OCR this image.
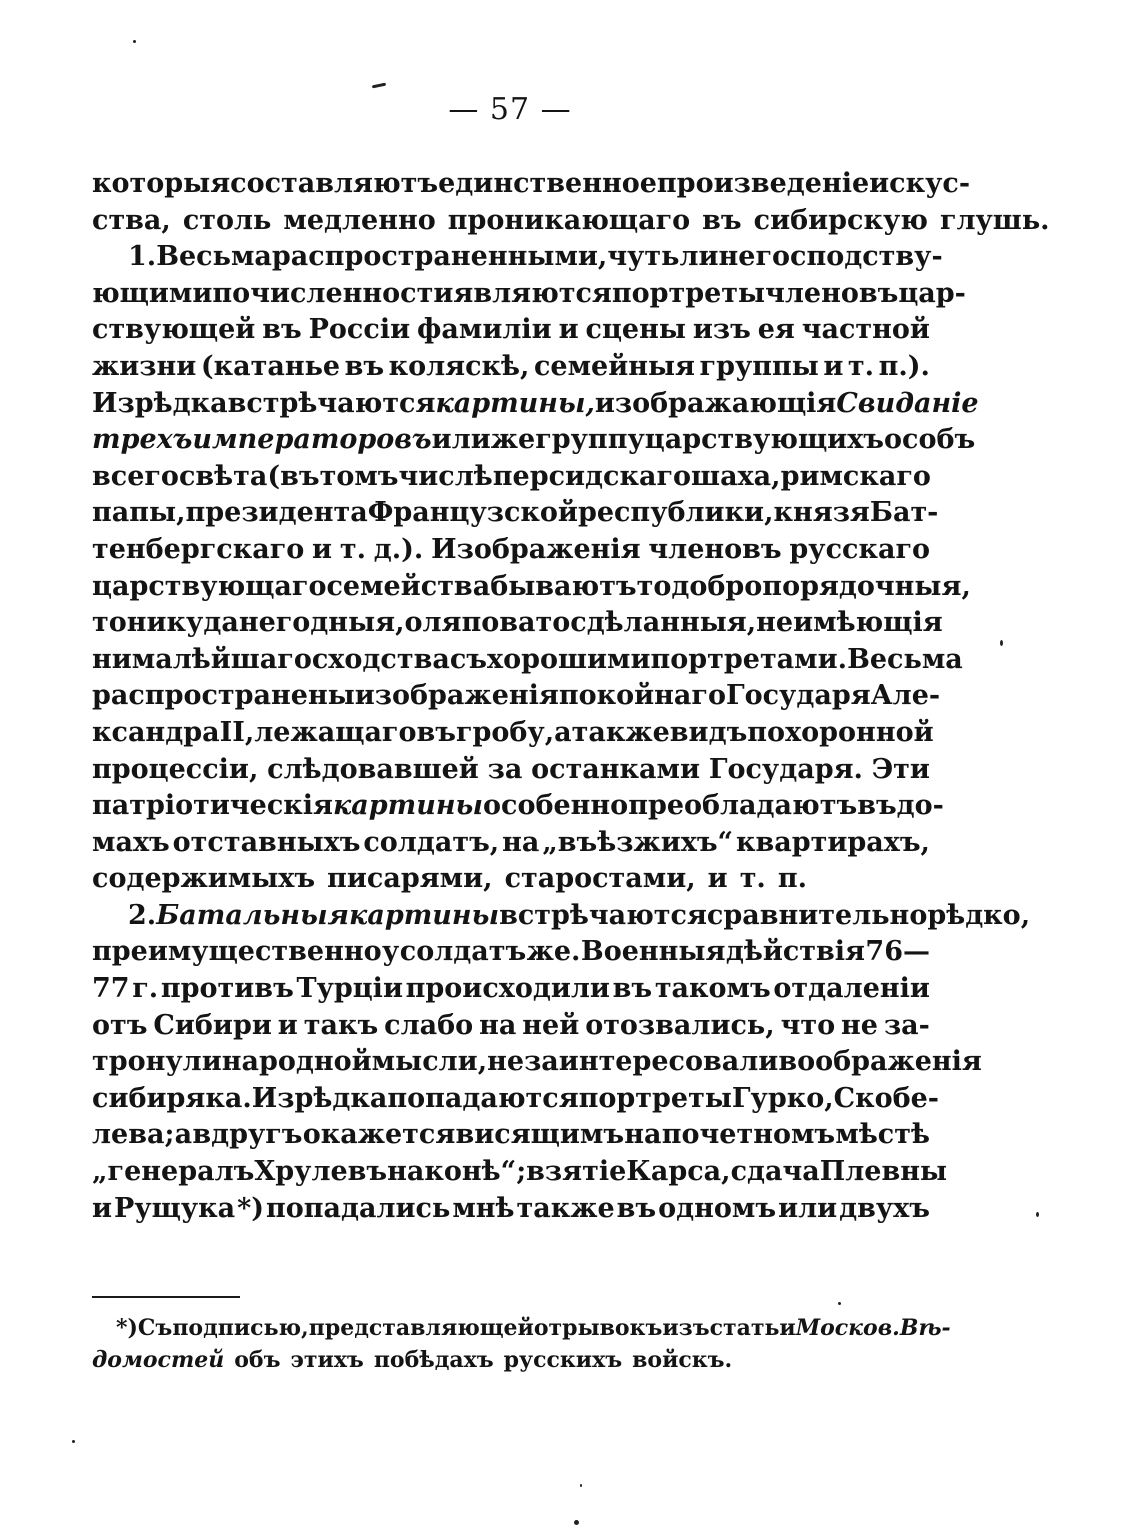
— 57 —
которыя составляютъ единственное произведеніе искус-
ства, столь медленно проникающаго въ сибирскую глушь.
1. Весьма распространенными, чуть ли не господству-
ющими по численности являются портреты членовъ цар-
ствующей въ Россіи фамиліи и сцены изъ ея частной
жизни (катанье въ коляскѣ, семейныя группы и т. п.).
Изрѣдка встрѣчаются картины, изображающія Свиданіе
трехъ императоровъ или же группу царствующихъ особъ
всего свѣта (въ томъ числѣ персидскаго шаха, римскаго
папы, президента Французской республики, князя Бат-
тенбергскаго и т. д.). Изображенія членовъ русскаго
царствующаго семейства бываютъ то добропорядочныя,
то никуда негодныя, оляповато сдѣланныя, не имѣющія
ни малѣйшаго сходства съ хорошими портретами. Весьма
распространены изображенія покойнаго Государя Але-
ксандра II, лежащаго въ гробу, а также видъ похоронной
процессіи, слѣдовавшей за останками Государя. Эти
патріотическія картины особенно преобладаютъ въ до-
махъ отставныхъ солдатъ, на „въѣзжихъ“ квартирахъ,
содержимыхъ писарями, старостами, и т. п.
2. Батальныя картины встрѣчаются сравнительно рѣдко,
преимущественно у солдатъ же. Военныя дѣйствія 76—
77 г. противъ Турціи происходили въ такомъ отдаленіи
отъ Сибири и такъ слабо на ней отозвались, что не за-
тронули народной мысли, не заинтересовали воображенія
сибиряка. Изрѣдка попадаются портреты Гурко, Скобе-
лева; а вдругъ окажется висящимъ на почетномъ мѣстѣ
„генералъ Хрулевъ на конѣ“; взятіе Карса, сдача Плевны
и Рущука *) попадались мнѣ также въ одномъ или двухъ
*) Съ подписью, представляющей отрывокъ изъ статьи Москов. Вѣ-
домостей объ этихъ побѣдахъ русскихъ войскъ.
